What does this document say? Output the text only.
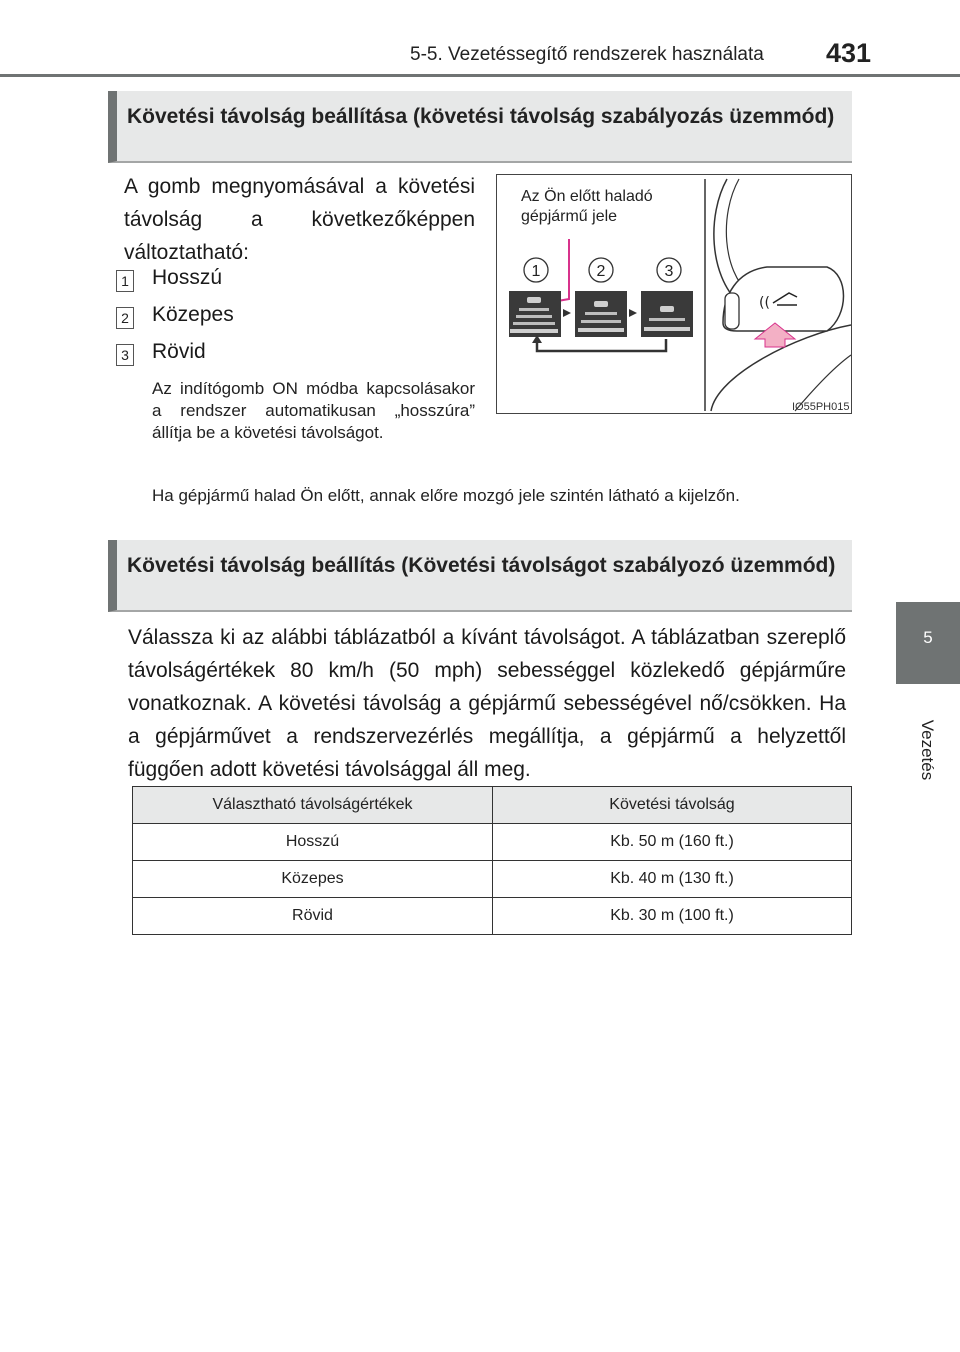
5-5. Vezetéssegítő rendszerek használata 431
5
Vezetés
Követési távolság beállítása (követési távolság szabályozás üzemmód)
A gomb megnyomásával a követési távolság a következőképpen változtatható:
1 Hosszú
2 Közepes
3 Rövid
Az indítógomb ON módba kapcsolásakor a rendszer automatikusan „hosszúra” állítja be a követési távolságot.
Ha gépjármű halad Ön előtt, annak előre mozgó jele szintén látható a kijelzőn.
Az Ön előtt haladó
gépjármű jele
1	2	3
((
IO55PH015
Követési távolság beállítás (Követési távolságot szabályozó üzemmód)
Válassza ki az alábbi táblázatból a kívánt távolságot. A táblázatban szereplő távolságértékek 80 km/h (50 mph) sebességgel közlekedő gépjárműre vonatkoznak. A követési távolság a gépjármű sebességével nő/csökken. Ha a gépjárművet a rendszervezérlés megállítja, a gépjármű a helyzettől függően adott követési távolsággal áll meg.
Választható távolságértékek	Követési távolság
Hosszú	Kb. 50 m (160 ft.)
Közepes	Kb. 40 m (130 ft.)
Rövid	Kb. 30 m (100 ft.)
